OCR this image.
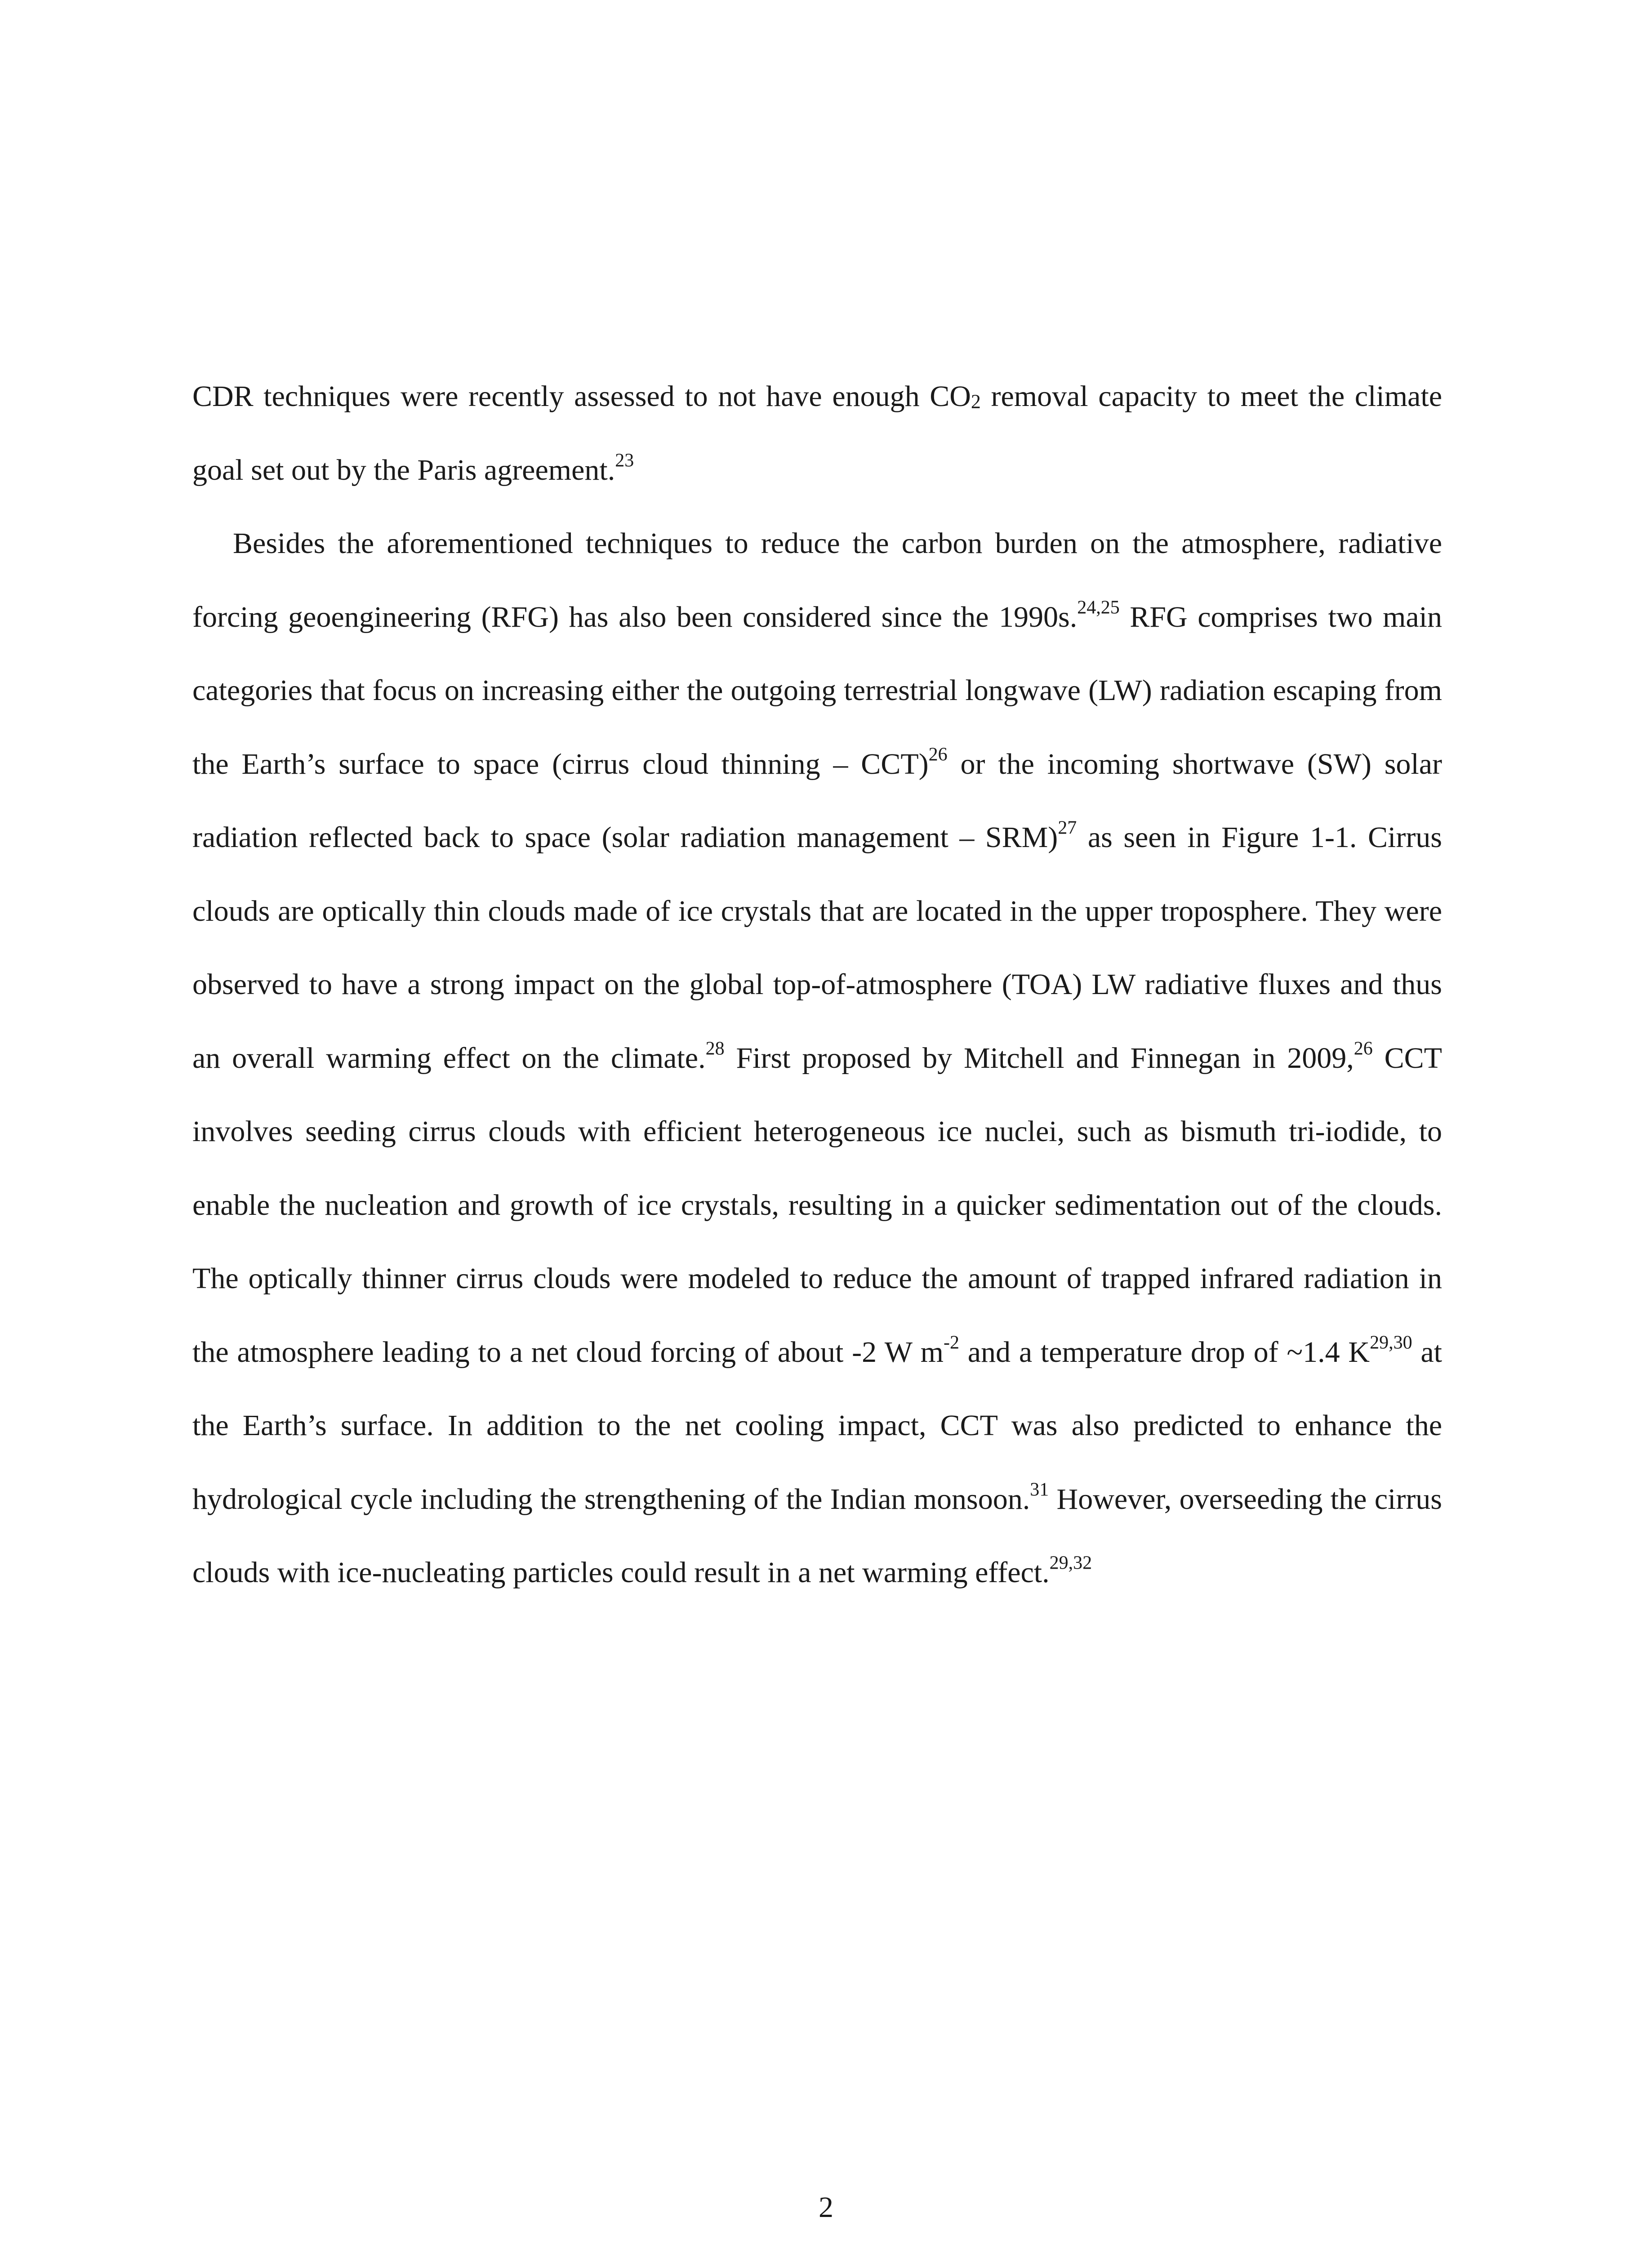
CDR techniques were recently assessed to not have enough $CO_2$ removal capacity to meet the climate goal set out by the Paris agreement.$^{23}$

Besides the aforementioned techniques to reduce the carbon burden on the atmosphere, radiative forcing geoengineering (RFG) has also been considered since the 1990s.$^{24,25}$ RFG comprises two main categories that focus on increasing either the outgoing terrestrial longwave (LW) radiation escaping from the Earth’s surface to space (cirrus cloud thinning – CCT)$^{26}$ or the incoming shortwave (SW) solar radiation reflected back to space (solar radiation management – SRM)$^{27}$ as seen in Figure 1-1. Cirrus clouds are optically thin clouds made of ice crystals that are located in the upper troposphere. They were observed to have a strong impact on the global top-of-atmosphere (TOA) LW radiative fluxes and thus an overall warming effect on the climate.$^{28}$ First proposed by Mitchell and Finnegan in 2009,26 CCT involves seeding cirrus clouds with efficient heterogeneous ice nuclei, such as bismuth tri-iodide, to enable the nucleation and growth of ice crystals, resulting in a quicker sedimentation out of the clouds. The optically thinner cirrus clouds were modeled to reduce the amount of trapped infrared radiation in the atmosphere leading to a net cloud forcing of about -2 W $m^{-2}$ and a temperature drop of ~1.4 K$^{29,30}$ at the Earth’s surface. In addition to the net cooling impact, CCT was also predicted to enhance the hydrological cycle including the strengthening of the Indian monsoon.$^{31}$ However, overseeding the cirrus clouds with ice-nucleating particles could result in a net warming effect.$^{29,32}$

2
